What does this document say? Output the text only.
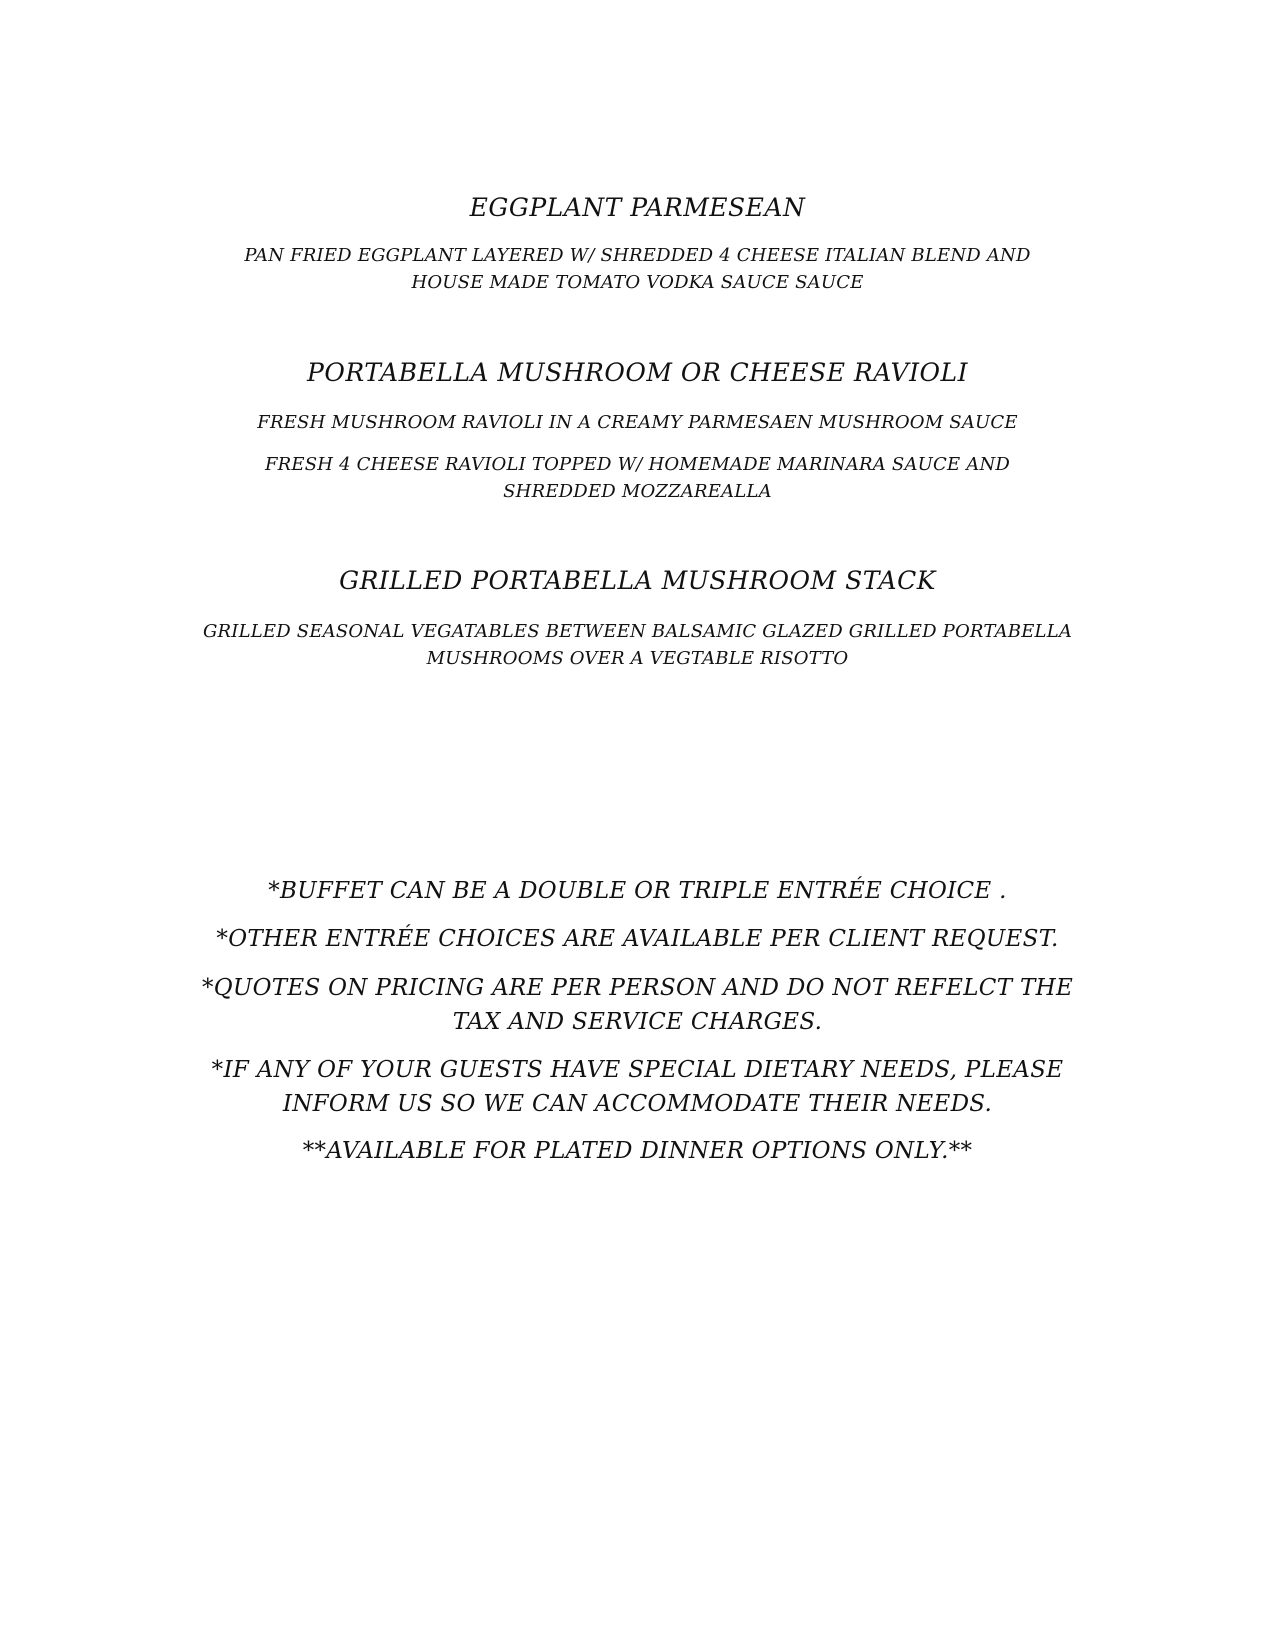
EGGPLANT PARMESEAN
PAN FRIED EGGPLANT LAYERED W/ SHREDDED 4 CHEESE ITALIAN BLEND AND
HOUSE MADE TOMATO VODKA SAUCE SAUCE
PORTABELLA MUSHROOM OR CHEESE RAVIOLI
FRESH MUSHROOM RAVIOLI IN A CREAMY PARMESAEN MUSHROOM SAUCE
FRESH 4 CHEESE RAVIOLI TOPPED W/ HOMEMADE MARINARA SAUCE AND
SHREDDED MOZZAREALLA
GRILLED PORTABELLA MUSHROOM STACK
GRILLED SEASONAL VEGATABLES BETWEEN BALSAMIC GLAZED GRILLED PORTABELLA
MUSHROOMS OVER A VEGTABLE RISOTTO
*BUFFET CAN BE A DOUBLE OR TRIPLE ENTRÉE CHOICE .
*OTHER ENTRÉE CHOICES ARE AVAILABLE PER CLIENT REQUEST.
*QUOTES ON PRICING ARE PER PERSON AND DO NOT REFELCT THE
TAX AND SERVICE CHARGES.
*IF ANY OF YOUR GUESTS HAVE SPECIAL DIETARY NEEDS, PLEASE
INFORM US SO WE CAN ACCOMMODATE THEIR NEEDS.
**AVAILABLE FOR PLATED DINNER OPTIONS ONLY.**
